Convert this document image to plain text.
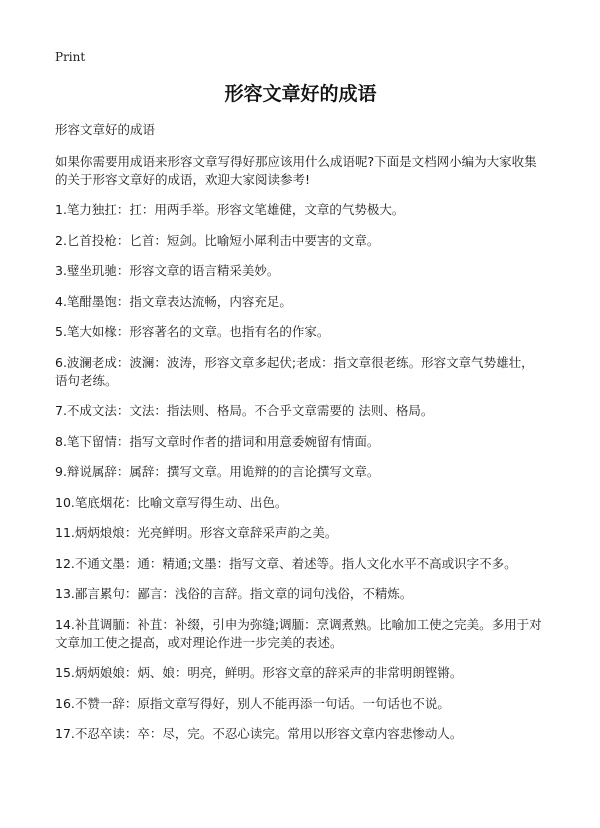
Print
形容文章好的成语
形容文章好的成语

如果你需要用成语来形容文章写得好那应该用什么成语呢?下面是文档网小编为大家收集的关于形容文章好的成语，欢迎大家阅读参考!

1.笔力独扛：扛：用两手举。形容文笔雄健，文章的气势极大。

2.匕首投枪：匕首：短剑。比喻短小犀利击中要害的文章。

3.璧坐玑驰：形容文章的语言精采美妙。

4.笔酣墨饱：指文章表达流畅，内容充足。

5.笔大如椽：形容著名的文章。也指有名的作家。

6.波澜老成：波澜：波涛，形容文章多起伏;老成：指文章很老练。形容文章气势雄壮，语句老练。

7.不成文法：文法：指法则、格局。不合乎文章需要的 法则、格局。

8.笔下留情：指写文章时作者的措词和用意委婉留有情面。

9.辩说属辞：属辞：撰写文章。用诡辩的的言论撰写文章。

10.笔底烟花：比喻文章写得生动、出色。

11.炳炳烺烺：光亮鲜明。形容文章辞采声韵之美。

12.不通文墨：通：精通;文墨：指写文章、着述等。指人文化水平不高或识字不多。

13.鄙言累句：鄙言：浅俗的言辞。指文章的词句浅俗，不精炼。

14.补苴调胹：补苴：补缀，引申为弥缝;调胹：烹调煮熟。比喻加工使之完美。多用于对文章加工使之提高，或对理论作进一步完美的表述。

15.炳炳娘娘：炳、娘：明亮，鲜明。形容文章的辞采声的非常明朗铿锵。

16.不赞一辞：原指文章写得好，别人不能再添一句话。一句话也不说。

17.不忍卒读：卒：尽，完。不忍心读完。常用以形容文章内容悲惨动人。
